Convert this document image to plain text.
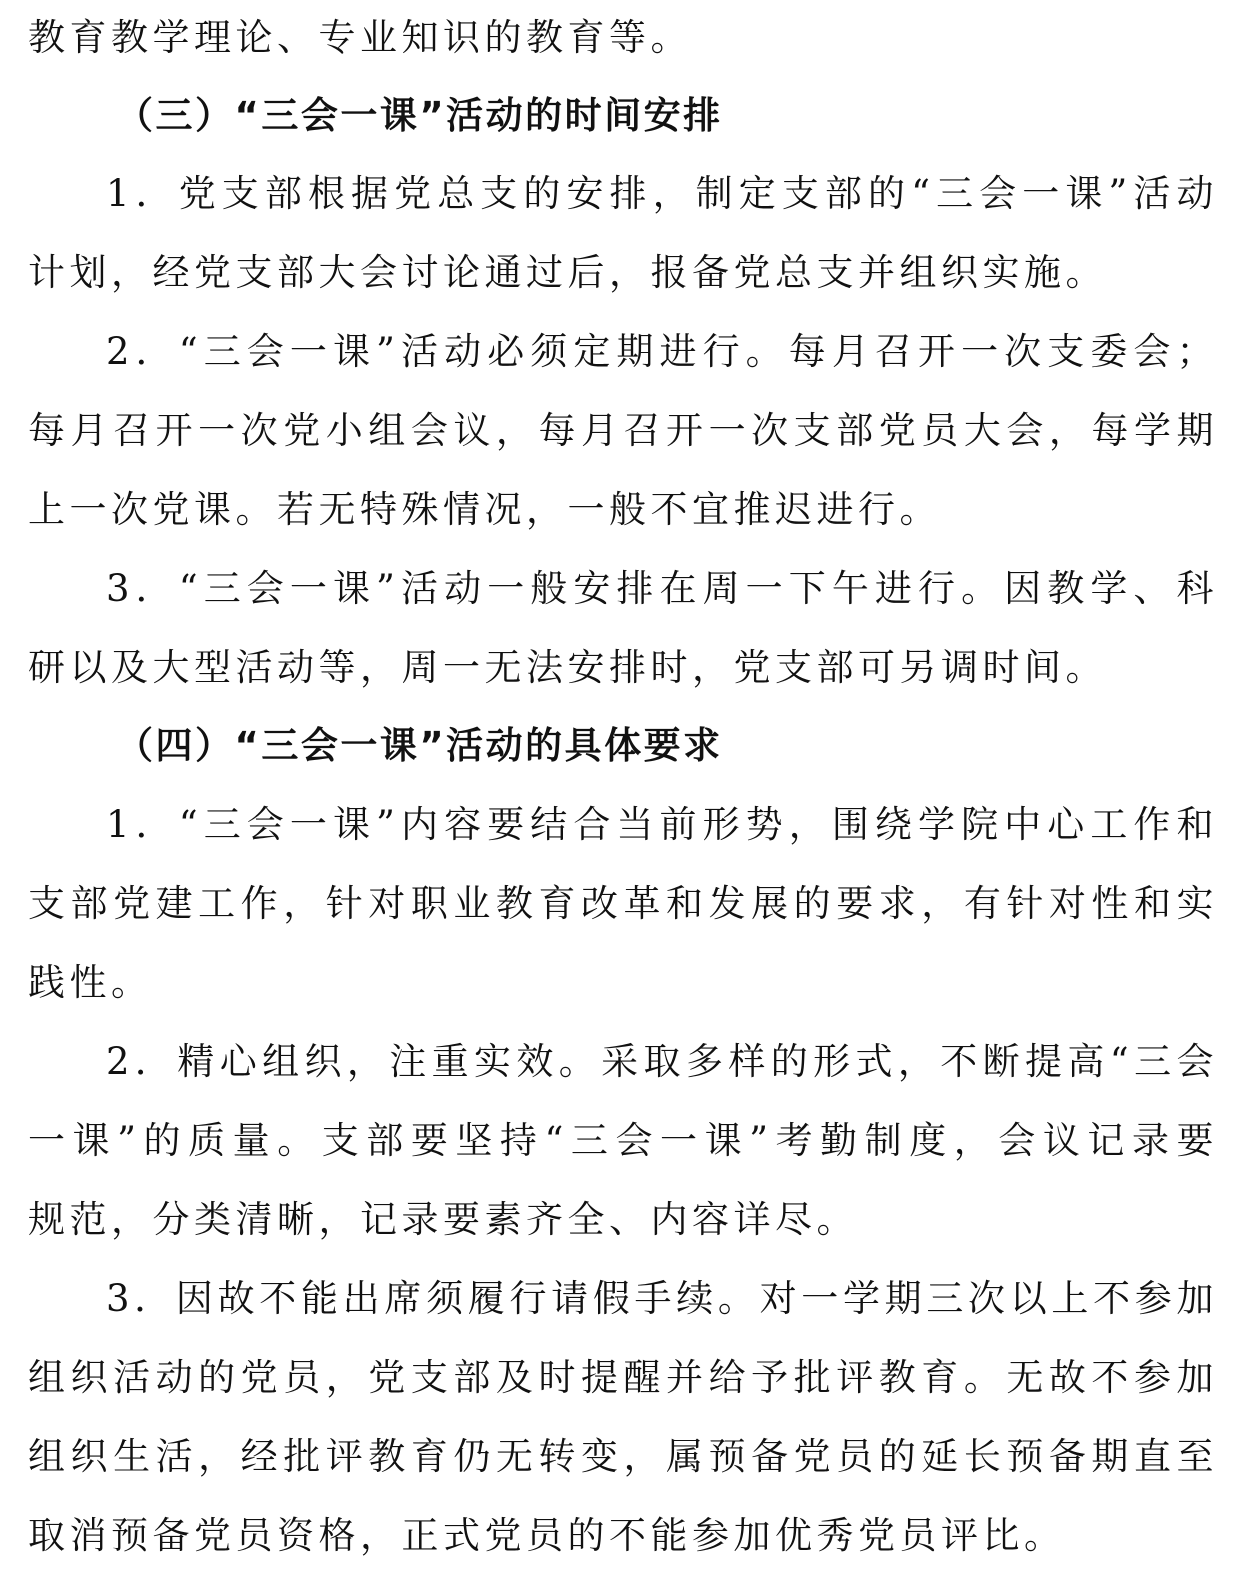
教育教学理论、专业知识的教育等。
（三）“三会一课”活动的时间安排
1．党支部根据党总支的安排，制定支部的“三会一课”活动
计划，经党支部大会讨论通过后，报备党总支并组织实施。
2．“三会一课”活动必须定期进行。每月召开一次支委会；
每月召开一次党小组会议，每月召开一次支部党员大会，每学期
上一次党课。若无特殊情况，一般不宜推迟进行。
3．“三会一课”活动一般安排在周一下午进行。因教学、科
研以及大型活动等，周一无法安排时，党支部可另调时间。
（四）“三会一课”活动的具体要求
1．“三会一课”内容要结合当前形势，围绕学院中心工作和
支部党建工作，针对职业教育改革和发展的要求，有针对性和实
践性。
2．精心组织，注重实效。采取多样的形式，不断提高“三会
一课”的质量。支部要坚持“三会一课”考勤制度，会议记录要
规范，分类清晰，记录要素齐全、内容详尽。
3．因故不能出席须履行请假手续。对一学期三次以上不参加
组织活动的党员，党支部及时提醒并给予批评教育。无故不参加
组织生活，经批评教育仍无转变，属预备党员的延长预备期直至
取消预备党员资格，正式党员的不能参加优秀党员评比。
